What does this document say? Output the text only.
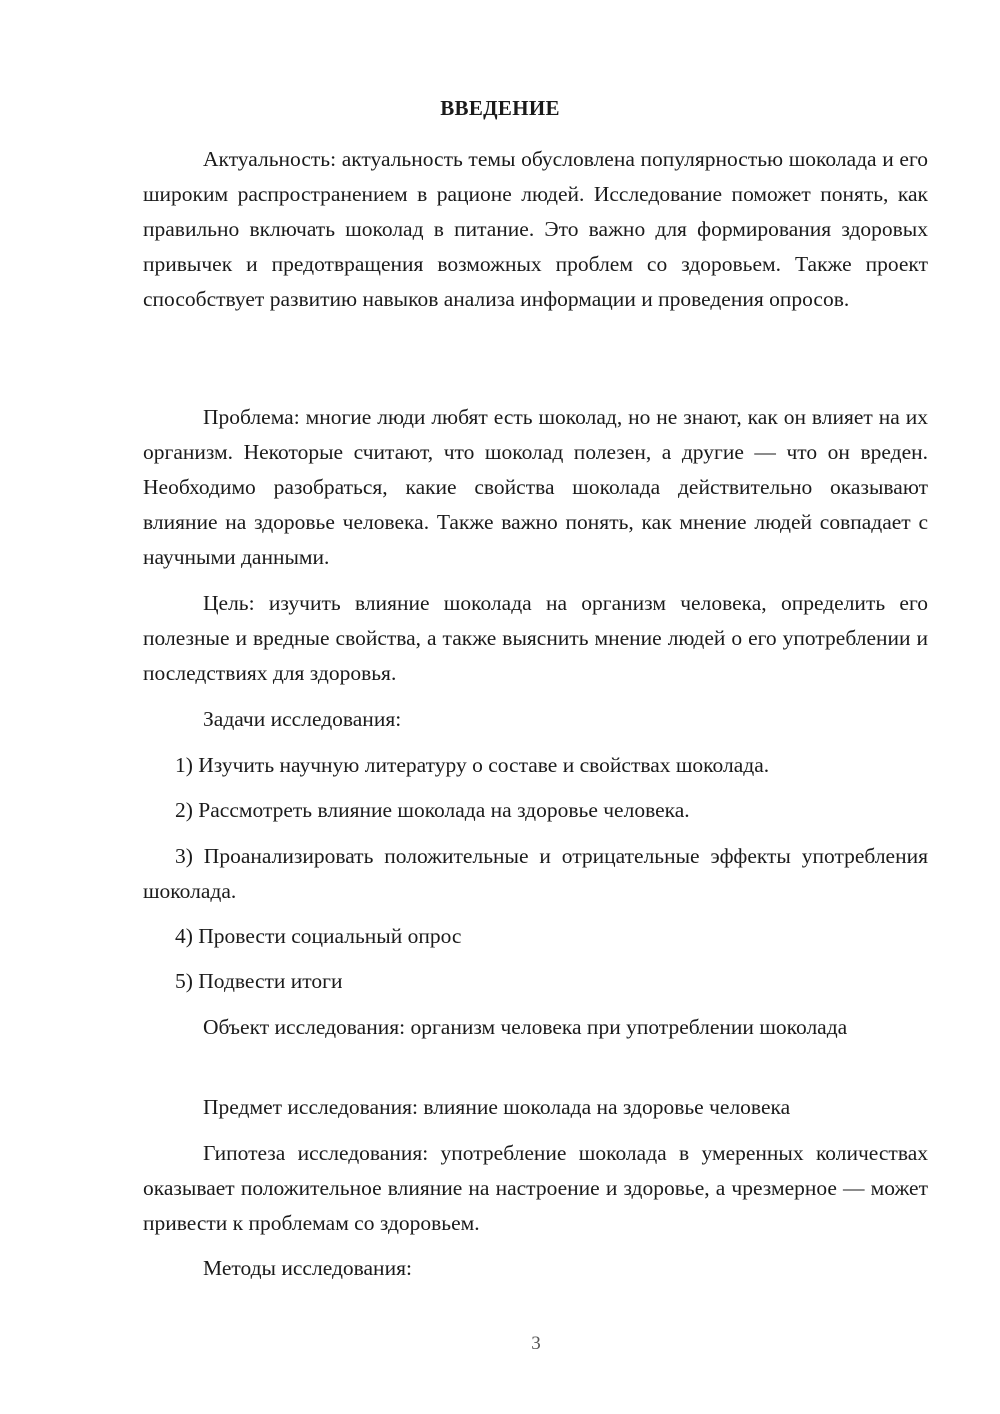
ВВЕДЕНИЕ

Актуальность: актуальность темы обусловлена популярностью шоколада и его широким распространением в рационе людей. Исследование поможет понять, как правильно включать шоколад в питание. Это важно для формирования здоровых привычек и предотвращения возможных проблем со здоровьем. Также проект способствует развитию навыков анализа информации и проведения опросов.

Проблема: многие люди любят есть шоколад, но не знают, как он влияет на их организм. Некоторые считают, что шоколад полезен, а другие — что он вреден. Необходимо разобраться, какие свойства шоколада действительно оказывают влияние на здоровье человека. Также важно понять, как мнение людей совпадает с научными данными.

Цель: изучить влияние шоколада на организм человека, определить его полезные и вредные свойства, а также выяснить мнение людей о его употреблении и последствиях для здоровья.

Задачи исследования:

1) Изучить научную литературу о составе и свойствах шоколада.

2) Рассмотреть влияние шоколада на здоровье человека.

3) Проанализировать положительные и отрицательные эффекты употребления шоколада.

4) Провести социальный опрос

5) Подвести итоги

Объект исследования: организм человека при употреблении шоколада

Предмет исследования: влияние шоколада на здоровье человека

Гипотеза исследования: употребление шоколада в умеренных количествах оказывает положительное влияние на настроение и здоровье, а чрезмерное — может привести к проблемам со здоровьем.

Методы исследования:

3
